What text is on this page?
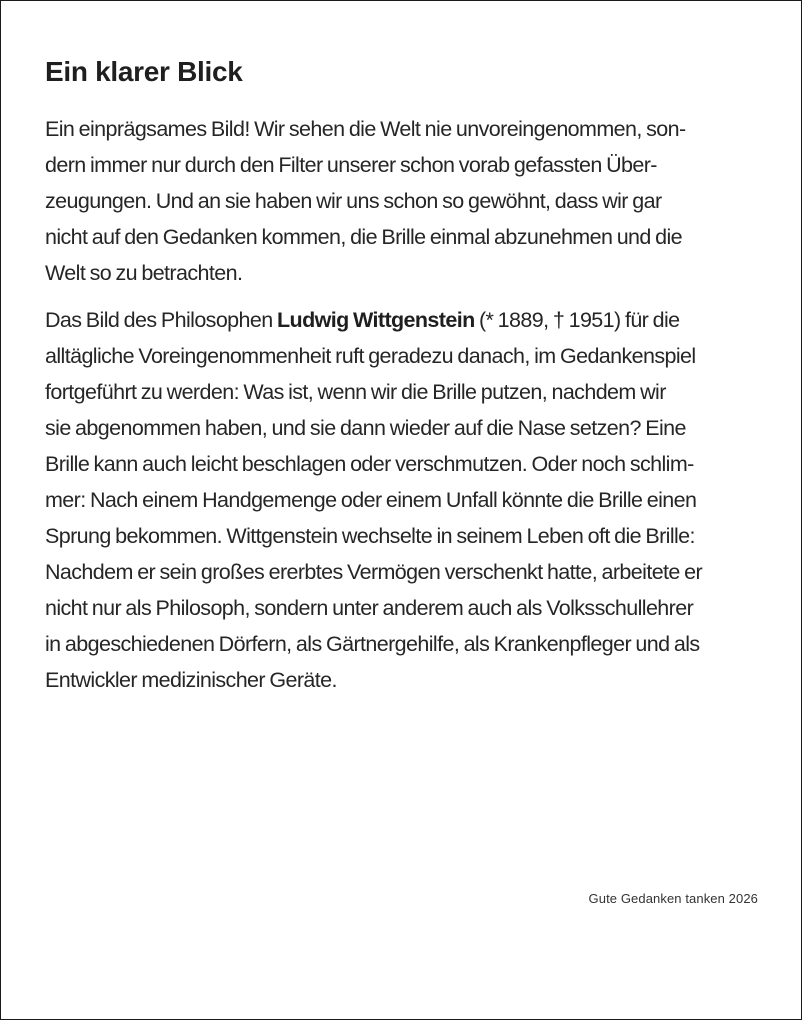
Ein klarer Blick

Ein einprägsames Bild! Wir sehen die Welt nie unvoreingenommen, son-
dern immer nur durch den Filter unserer schon vorab gefassten Über-
zeugungen. Und an sie haben wir uns schon so gewöhnt, dass wir gar
nicht auf den Gedanken kommen, die Brille einmal abzunehmen und die
Welt so zu betrachten.

Das Bild des Philosophen Ludwig Wittgenstein (* 1889, † 1951) für die
alltägliche Voreingenommenheit ruft geradezu danach, im Gedankenspiel
fortgeführt zu werden: Was ist, wenn wir die Brille putzen, nachdem wir
sie abgenommen haben, und sie dann wieder auf die Nase setzen? Eine
Brille kann auch leicht beschlagen oder verschmutzen. Oder noch schlim-
mer: Nach einem Handgemenge oder einem Unfall könnte die Brille einen
Sprung bekommen. Wittgenstein wechselte in seinem Leben oft die Brille:
Nachdem er sein großes ererbtes Vermögen verschenkt hatte, arbeitete er
nicht nur als Philosoph, sondern unter anderem auch als Volksschullehrer
in abgeschiedenen Dörfern, als Gärtnergehilfe, als Krankenpfleger und als
Entwickler medizinischer Geräte.

Gute Gedanken tanken 2026
